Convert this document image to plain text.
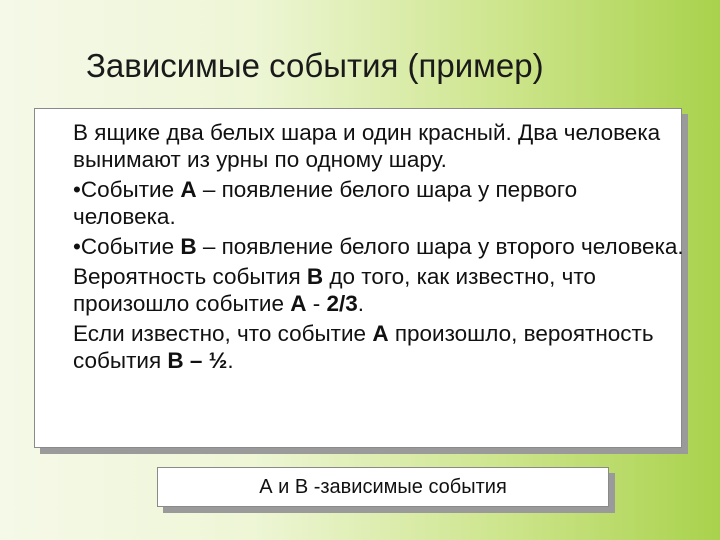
Зависимые события (пример)

В ящике два белых шара и один красный. Два человека вынимают из урны по одному шару.

•Событие А – появление белого шара у первого человека.

•Событие В – появление белого шара у второго человека.

Вероятность события В до того, как известно, что произошло событие А - 2/3.

Если известно, что событие А произошло, вероятность события В – ½.

А и В -зависимые события
